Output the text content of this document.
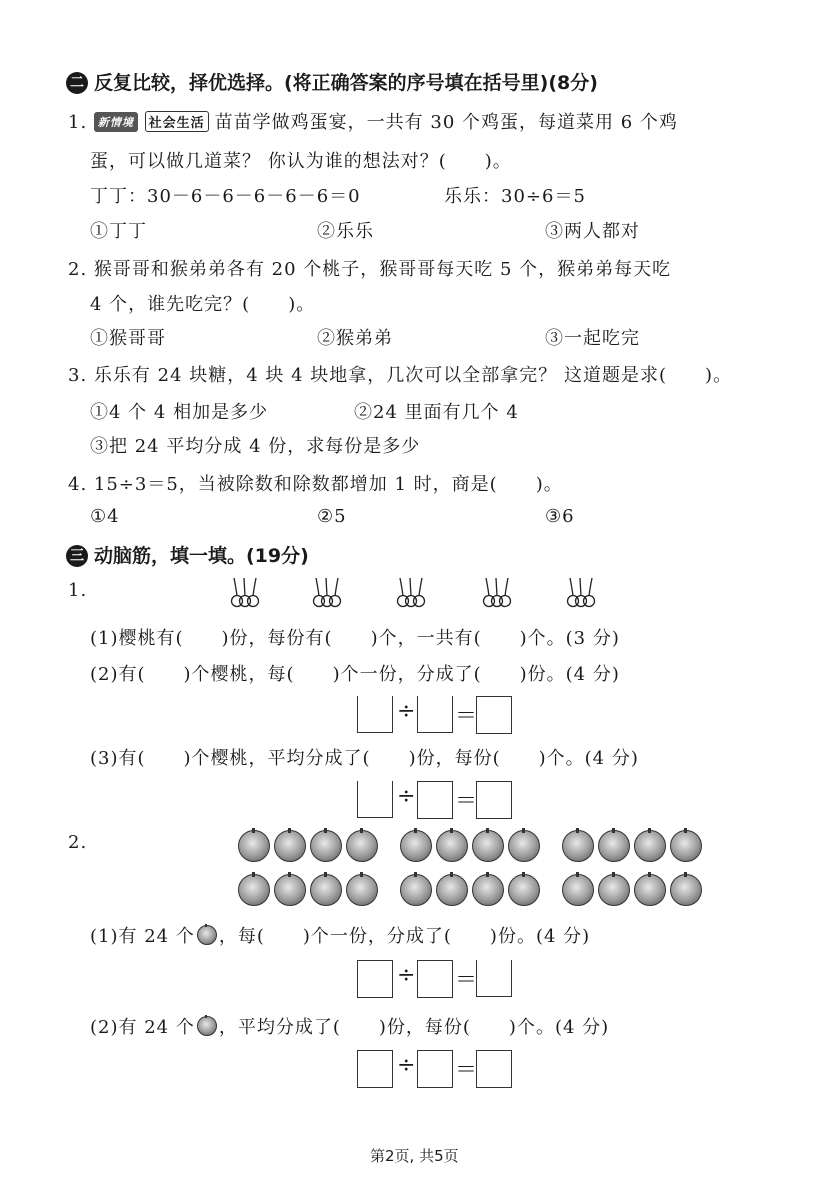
二 反复比较，择优选择。(将正确答案的序号填在括号里)(8分)
1. 新情境 社会生活 苗苗学做鸡蛋宴，一共有 30 个鸡蛋，每道菜用 6 个鸡
蛋，可以做几道菜？ 你认为谁的想法对？(　　)。
丁丁：30－6－6－6－6－6＝0	乐乐：30÷6＝5
①丁丁	②乐乐	③两人都对
2. 猴哥哥和猴弟弟各有 20 个桃子，猴哥哥每天吃 5 个，猴弟弟每天吃
4 个，谁先吃完？(　　)。
①猴哥哥	②猴弟弟	③一起吃完
3. 乐乐有 24 块糖，4 块 4 块地拿，几次可以全部拿完？ 这道题是求(　　)。
①4 个 4 相加是多少	②24 里面有几个 4
③把 24 平均分成 4 份，求每份是多少
4. 15÷3＝5，当被除数和除数都增加 1 时，商是(　　)。
①4	②5	③6
三 动脑筋，填一填。(19分)
1.
(1)樱桃有(　　)份，每份有(　　)个，一共有(　　)个。(3 分)
(2)有(　　)个樱桃，每(　　)个一份，分成了(　　)份。(4 分)
÷ ＝
(3)有(　　)个樱桃，平均分成了(　　)份，每份(　　)个。(4 分)
÷ ＝
2.
(1)有 24 个 ，每(　　)个一份，分成了(　　)份。(4 分)
÷ ＝
(2)有 24 个 ，平均分成了(　　)份，每份(　　)个。(4 分)
÷ ＝
第2页, 共5页
